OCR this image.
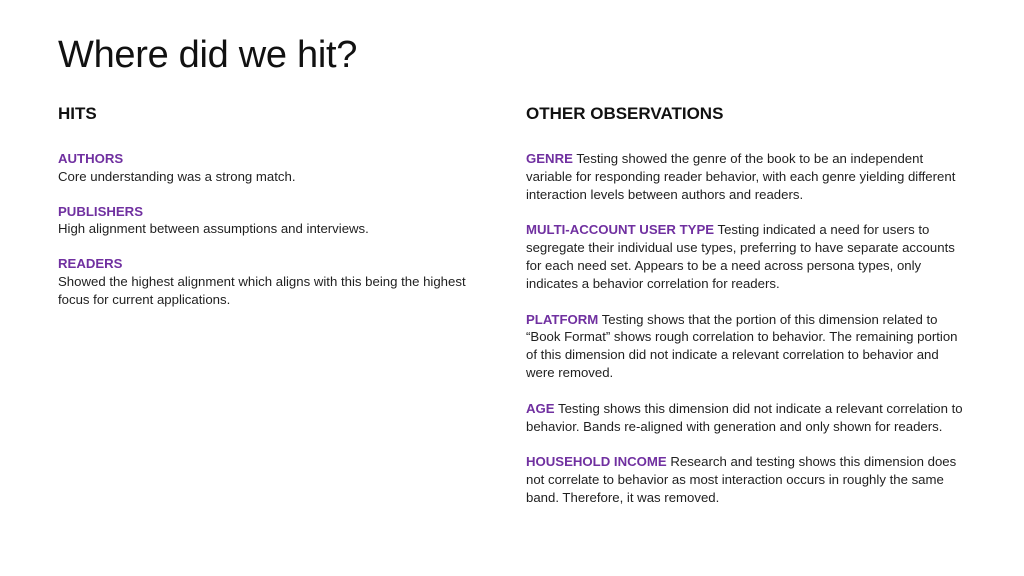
Where did we hit?
HITS
AUTHORS
Core understanding was a strong match.
PUBLISHERS
High alignment between assumptions and interviews.
READERS
Showed the highest alignment which aligns with this being the highest focus for current applications.
OTHER OBSERVATIONS
GENRE Testing showed the genre of the book to be an independent variable for responding reader behavior, with each genre yielding different interaction levels between authors and readers.
MULTI-ACCOUNT USER TYPE Testing indicated a need for users to segregate their individual use types, preferring to have separate accounts for each need set. Appears to be a need across persona types, only indicates a behavior correlation for readers.
PLATFORM Testing shows that the portion of this dimension related to “Book Format” shows rough correlation to behavior. The remaining portion of this dimension did not indicate a relevant correlation to behavior and were removed.
AGE Testing shows this dimension did not indicate a relevant correlation to behavior. Bands re-aligned with generation and only shown for readers.
HOUSEHOLD INCOME Research and testing shows this dimension does not correlate to behavior as most interaction occurs in roughly the same band. Therefore, it was removed.
